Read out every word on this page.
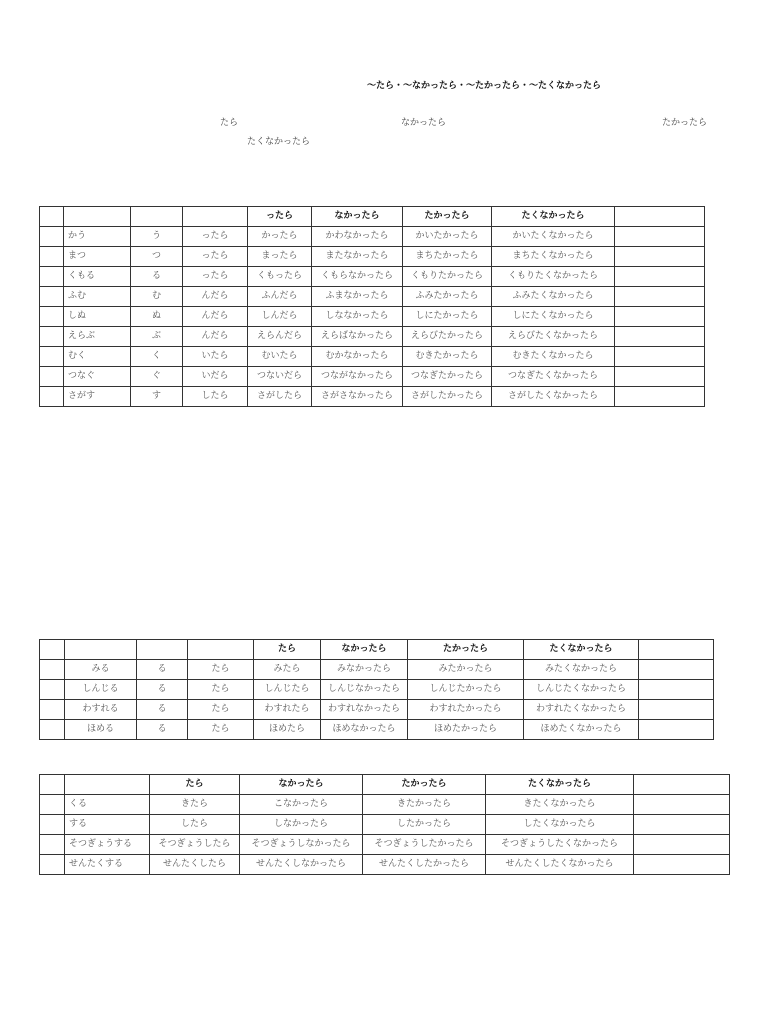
～たら・～なかったら・～たかったら・～たくなかったら
たら	なかったら	たかったら
たくなかったら
				ったら	なかったら	たかったら	たくなかったら	
	かう	う	ったら	かったら	かわなかったら	かいたかったら	かいたくなかったら	
	まつ	つ	ったら	まったら	またなかったら	まちたかったら	まちたくなかったら	
	くもる	る	ったら	くもったら	くもらなかったら	くもりたかったら	くもりたくなかったら	
	ふむ	む	んだら	ふんだら	ふまなかったら	ふみたかったら	ふみたくなかったら	
	しぬ	ぬ	んだら	しんだら	しななかったら	しにたかったら	しにたくなかったら	
	えらぶ	ぶ	んだら	えらんだら	えらばなかったら	えらびたかったら	えらびたくなかったら	
	むく	く	いたら	むいたら	むかなかったら	むきたかったら	むきたくなかったら	
	つなぐ	ぐ	いだら	つないだら	つながなかったら	つなぎたかったら	つなぎたくなかったら	
	さがす	す	したら	さがしたら	さがさなかったら	さがしたかったら	さがしたくなかったら	
				たら	なかったら	たかったら	たくなかったら	
	みる	る	たら	みたら	みなかったら	みたかったら	みたくなかったら	
	しんじる	る	たら	しんじたら	しんじなかったら	しんじたかったら	しんじたくなかったら	
	わすれる	る	たら	わすれたら	わすれなかったら	わすれたかったら	わすれたくなかったら	
	ほめる	る	たら	ほめたら	ほめなかったら	ほめたかったら	ほめたくなかったら	
		たら	なかったら	たかったら	たくなかったら	
	くる	きたら	こなかったら	きたかったら	きたくなかったら	
	する	したら	しなかったら	したかったら	したくなかったら	
	そつぎょうする	そつぎょうしたら	そつぎょうしなかったら	そつぎょうしたかったら	そつぎょうしたくなかったら	
	せんたくする	せんたくしたら	せんたくしなかったら	せんたくしたかったら	せんたくしたくなかったら	
